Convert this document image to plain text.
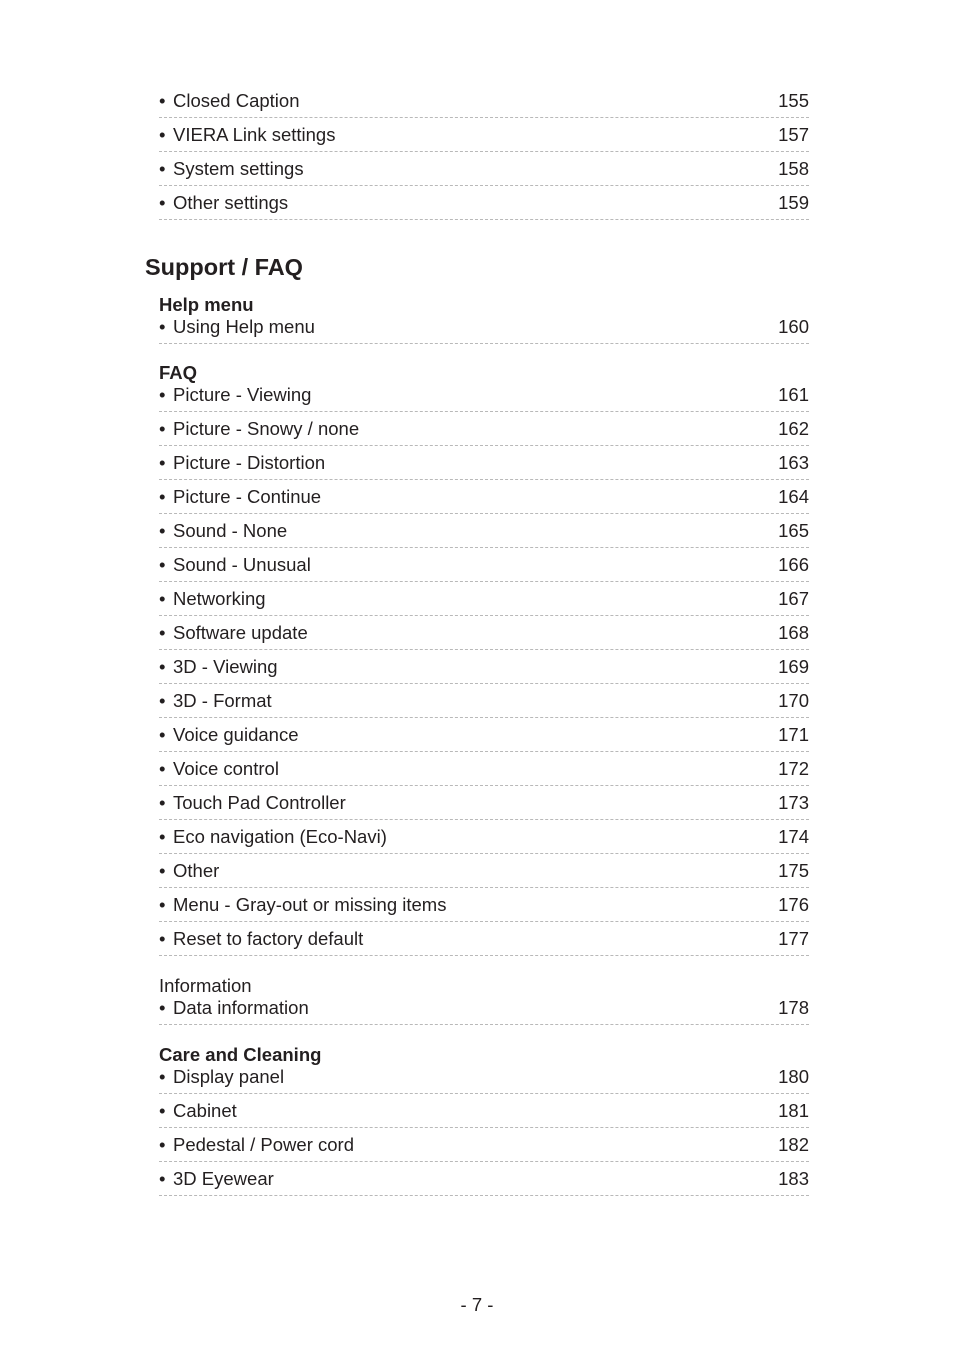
• Closed Caption	155
• VIERA Link settings	157
• System settings	158
• Other settings	159
Support / FAQ
Help menu
• Using Help menu	160
FAQ
• Picture - Viewing	161
• Picture - Snowy / none	162
• Picture - Distortion	163
• Picture - Continue	164
• Sound - None	165
• Sound - Unusual	166
• Networking	167
• Software update	168
• 3D - Viewing	169
• 3D - Format	170
• Voice guidance	171
• Voice control	172
• Touch Pad Controller	173
• Eco navigation (Eco-Navi)	174
• Other	175
• Menu - Gray-out or missing items	176
• Reset to factory default	177
Information
• Data information	178
Care and Cleaning
• Display panel	180
• Cabinet	181
• Pedestal / Power cord	182
• 3D Eyewear	183
- 7 -
